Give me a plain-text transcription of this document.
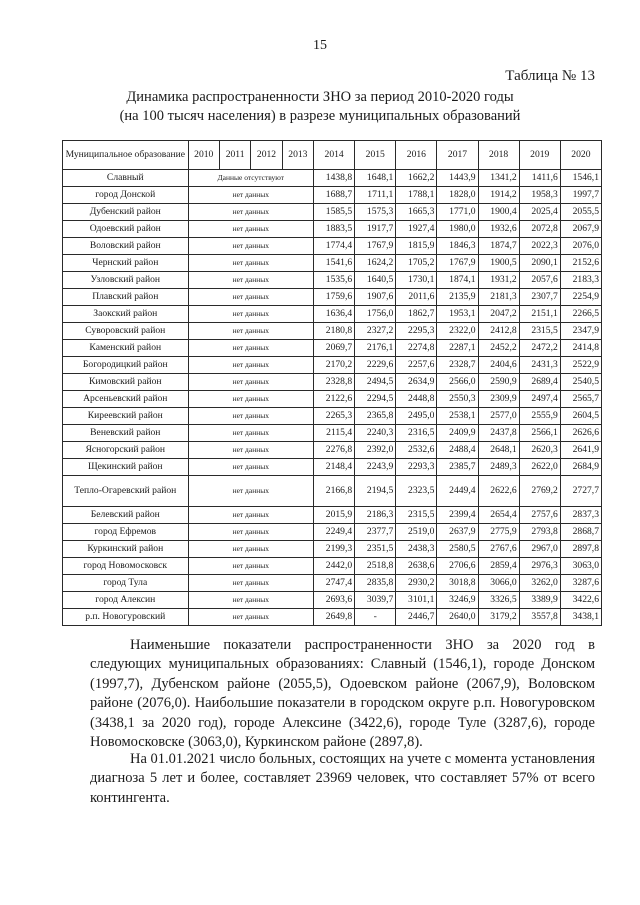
15
Таблица № 13
Динамика распространенности ЗНО за период 2010-2020 годы
(на 100 тысяч населения) в разрезе муниципальных образований
Муниципальное образование	2010	2011	2012	2013	2014	2015	2016	2017	2018	2019	2020
Славный	Данные отсутствуют				1438,8	1648,1	1662,2	1443,9	1341,2	1411,6	1546,1
город Донской	нет данных				1688,7	1711,1	1788,1	1828,0	1914,2	1958,3	1997,7
Дубенский район	нет данных				1585,5	1575,3	1665,3	1771,0	1900,4	2025,4	2055,5
Одоевский район	нет данных				1883,5	1917,7	1927,4	1980,0	1932,6	2072,8	2067,9
Воловский район	нет данных				1774,4	1767,9	1815,9	1846,3	1874,7	2022,3	2076,0
Чернский район	нет данных				1541,6	1624,2	1705,2	1767,9	1900,5	2090,1	2152,6
Узловский район	нет данных				1535,6	1640,5	1730,1	1874,1	1931,2	2057,6	2183,3
Плавский район	нет данных				1759,6	1907,6	2011,6	2135,9	2181,3	2307,7	2254,9
Заокский район	нет данных				1636,4	1756,0	1862,7	1953,1	2047,2	2151,1	2266,5
Суворовский район	нет данных				2180,8	2327,2	2295,3	2322,0	2412,8	2315,5	2347,9
Каменский район	нет данных				2069,7	2176,1	2274,8	2287,1	2452,2	2472,2	2414,8
Богородицкий район	нет данных				2170,2	2229,6	2257,6	2328,7	2404,6	2431,3	2522,9
Кимовский район	нет данных				2328,8	2494,5	2634,9	2566,0	2590,9	2689,4	2540,5
Арсеньевский район	нет данных				2122,6	2294,5	2448,8	2550,3	2309,9	2497,4	2565,7
Киреевский район	нет данных				2265,3	2365,8	2495,0	2538,1	2577,0	2555,9	2604,5
Веневский район	нет данных				2115,4	2240,3	2316,5	2409,9	2437,8	2566,1	2626,6
Ясногорский район	нет данных				2276,8	2392,0	2532,6	2488,4	2648,1	2620,3	2641,9
Щекинский район	нет данных				2148,4	2243,9	2293,3	2385,7	2489,3	2622,0	2684,9
Тепло-Огаревский район	нет данных				2166,8	2194,5	2323,5	2449,4	2622,6	2769,2	2727,7
Белевский район	нет данных				2015,9	2186,3	2315,5	2399,4	2654,4	2757,6	2837,3
город Ефремов	нет данных				2249,4	2377,7	2519,0	2637,9	2775,9	2793,8	2868,7
Куркинский район	нет данных				2199,3	2351,5	2438,3	2580,5	2767,6	2967,0	2897,8
город Новомосковск	нет данных				2442,0	2518,8	2638,6	2706,6	2859,4	2976,3	3063,0
город Тула	нет данных				2747,4	2835,8	2930,2	3018,8	3066,0	3262,0	3287,6
город Алексин	нет данных				2693,6	3039,7	3101,1	3246,9	3326,5	3389,9	3422,6
р.п. Новогуровский	нет данных				2649,8	-	2446,7	2640,0	3179,2	3557,8	3438,1

Наименьшие показатели распространенности ЗНО за 2020 год в следующих муниципальных образованиях: Славный (1546,1), городе Донском (1997,7), Дубенском районе (2055,5), Одоевском районе (2067,9), Воловском районе (2076,0). Наибольшие показатели в городском округе р.п. Новогуровском (3438,1 за 2020 год), городе Алексине (3422,6), городе Туле (3287,6), городе Новомосковске (3063,0), Куркинском районе (2897,8).

На 01.01.2021 число больных, состоящих на учете с момента установления диагноза 5 лет и более, составляет 23969 человек, что составляет 57% от всего контингента.
